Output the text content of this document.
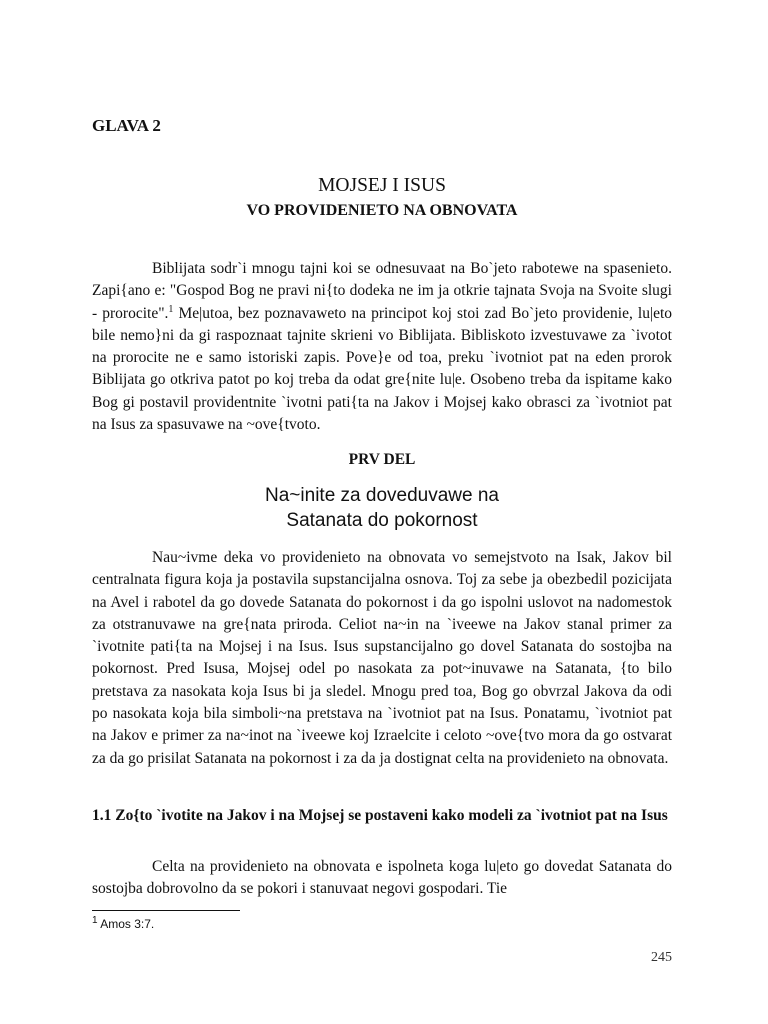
GLAVA 2
MOJSEJ I ISUS
VO PROVIDENIETO NA OBNOVATA

Biblijata sodr`i mnogu tajni koi se odnesuvaat na Bo`jeto rabotewe na spasenieto. Zapi{ano e: "Gospod Bog ne pravi ni{to dodeka ne im ja otkrie tajnata Svoja na Svoite slugi - prorocite".$^1$ Me|utoa, bez poznavaweto na principot koj stoi zad Bo`jeto providenie, lu|eto bile nemo}ni da gi raspoznaat tajnite skrieni vo Biblijata. Bibliskoto izvestuvawe za `ivotot na prorocite ne e samo istoriski zapis. Pove}e od toa, preku `ivotniot pat na eden prorok Biblijata go otkriva patot po koj treba da odat gre{nite lu|e. Osobeno treba da ispitame kako Bog gi postavil providentnite `ivotni pati{ta na Jakov i Mojsej kako obrasci za `ivotniot pat na Isus za spasuvawe na ~ove{tvoto.

PRV DEL
Na~inite za doveduvawe na
Satanata do pokornost

Nau~ivme deka vo providenieto na obnovata vo semejstvoto na Isak, Jakov bil centralnata figura koja ja postavila supstancijalna osnova. Toj za sebe ja obezbedil pozicijata na Avel i rabotel da go dovede Satanata do pokornost i da go ispolni uslovot na nadomestok za otstranuvawe na gre{nata priroda. Celiot na~in na `iveewe na Jakov stanal primer za `ivotnite pati{ta na Mojsej i na Isus. Isus supstancijalno go dovel Satanata do sostojba na pokornost. Pred Isusa, Mojsej odel po nasokata za pot~inuvawe na Satanata, {to bilo pretstava za nasokata koja Isus bi ja sledel. Mnogu pred toa, Bog go obvrzal Jakova da odi po nasokata koja bila simboli~na pretstava na `ivotniot pat na Isus. Ponatamu, `ivotniot pat na Jakov e primer za na~inot na `iveewe koj Izraelcite i celoto ~ove{tvo mora da go ostvarat za da go prisilat Satanata na pokornost i za da ja dostignat celta na providenieto na obnovata.

1.1 Zo{to `ivotite na Jakov i na Mojsej se postaveni kako modeli za `ivotniot pat na Isus

Celta na providenieto na obnovata e ispolneta koga lu|eto go dovedat Satanata do sostojba dobrovolno da se pokori i stanuvaat negovi gospodari. Tie

$^1$ Amos 3:7.

245
